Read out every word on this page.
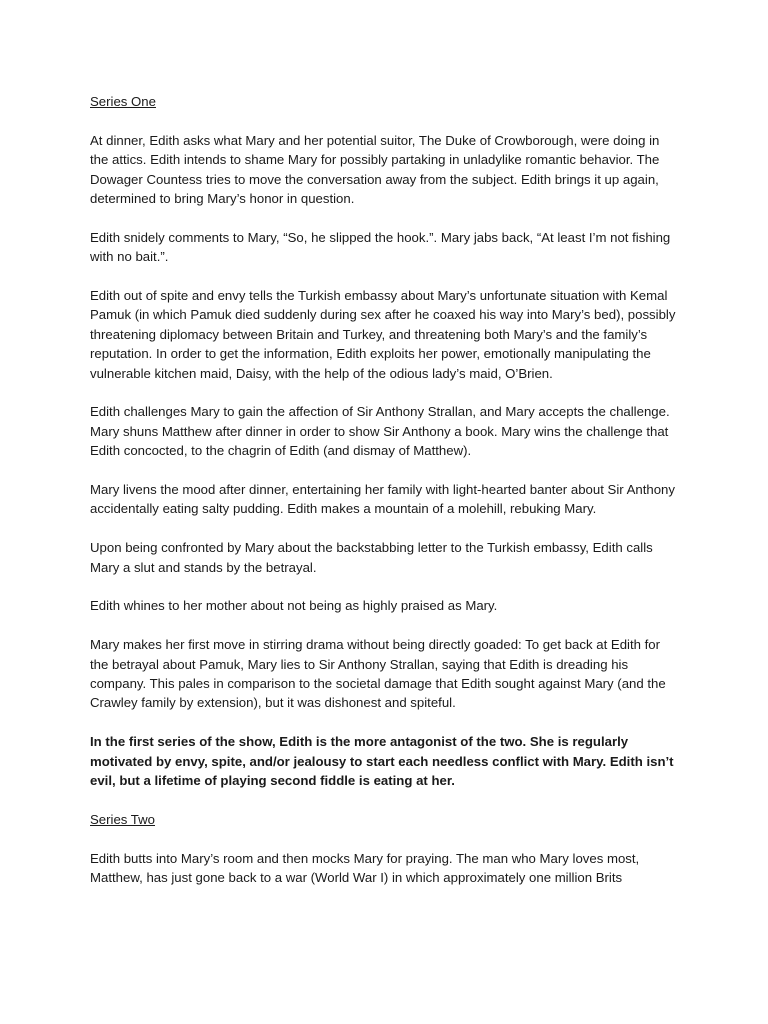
Series One

At dinner, Edith asks what Mary and her potential suitor, The Duke of Crowborough, were doing in the attics. Edith intends to shame Mary for possibly partaking in unladylike romantic behavior. The Dowager Countess tries to move the conversation away from the subject. Edith brings it up again, determined to bring Mary’s honor in question.

Edith snidely comments to Mary, “So, he slipped the hook.”. Mary jabs back, “At least I’m not fishing with no bait.”.

Edith out of spite and envy tells the Turkish embassy about Mary’s unfortunate situation with Kemal Pamuk (in which Pamuk died suddenly during sex after he coaxed his way into Mary’s bed), possibly threatening diplomacy between Britain and Turkey, and threatening both Mary’s and the family’s reputation. In order to get the information, Edith exploits her power, emotionally manipulating the vulnerable kitchen maid, Daisy, with the help of the odious lady’s maid, O’Brien.

Edith challenges Mary to gain the affection of Sir Anthony Strallan, and Mary accepts the challenge. Mary shuns Matthew after dinner in order to show Sir Anthony a book. Mary wins the challenge that Edith concocted, to the chagrin of Edith (and dismay of Matthew).

Mary livens the mood after dinner, entertaining her family with light-hearted banter about Sir Anthony accidentally eating salty pudding. Edith makes a mountain of a molehill, rebuking Mary.

Upon being confronted by Mary about the backstabbing letter to the Turkish embassy, Edith calls Mary a slut and stands by the betrayal.

Edith whines to her mother about not being as highly praised as Mary.

Mary makes her first move in stirring drama without being directly goaded: To get back at Edith for the betrayal about Pamuk, Mary lies to Sir Anthony Strallan, saying that Edith is dreading his company. This pales in comparison to the societal damage that Edith sought against Mary (and the Crawley family by extension), but it was dishonest and spiteful.

In the first series of the show, Edith is the more antagonist of the two. She is regularly motivated by envy, spite, and/or jealousy to start each needless conflict with Mary. Edith isn’t evil, but a lifetime of playing second fiddle is eating at her.

Series Two

Edith butts into Mary’s room and then mocks Mary for praying. The man who Mary loves most, Matthew, has just gone back to a war (World War I) in which approximately one million Brits
